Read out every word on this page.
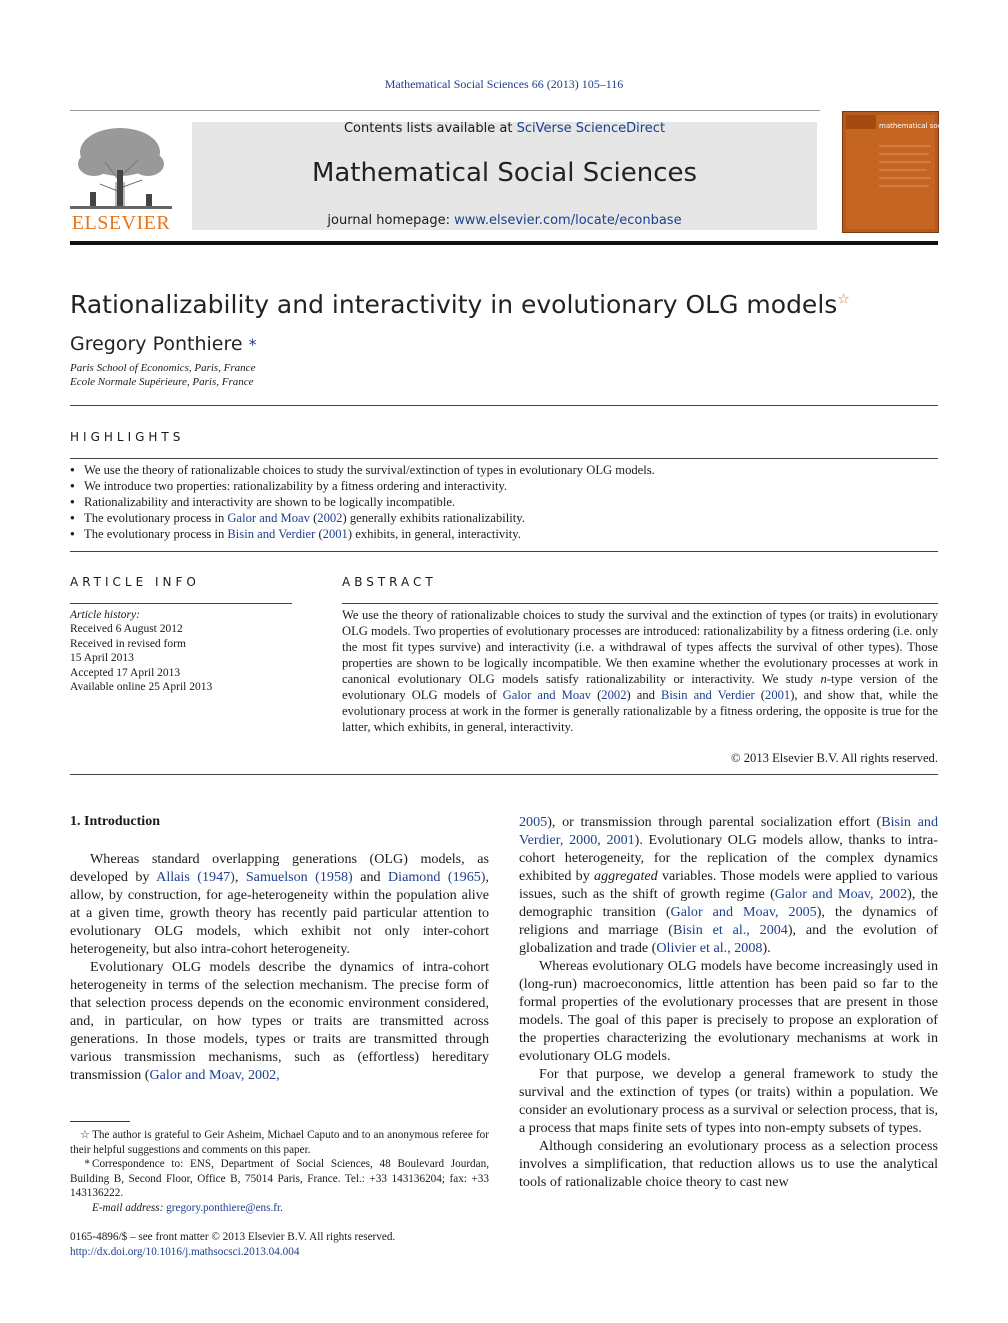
Mathematical Social Sciences 66 (2013) 105–116
ELSEVIER
Contents lists available at SciVerse ScienceDirect
Mathematical Social Sciences
journal homepage: www.elsevier.com/locate/econbase
mathematical social sciences
Rationalizability and interactivity in evolutionary OLG models☆
Gregory Ponthiere *
Paris School of Economics, Paris, France
Ecole Normale Supérieure, Paris, France
HIGHLIGHTS
● We use the theory of rationalizable choices to study the survival/extinction of types in evolutionary OLG models.
● We introduce two properties: rationalizability by a fitness ordering and interactivity.
● Rationalizability and interactivity are shown to be logically incompatible.
● The evolutionary process in Galor and Moav (2002) generally exhibits rationalizability.
● The evolutionary process in Bisin and Verdier (2001) exhibits, in general, interactivity.
ARTICLE INFO
Article history:
Received 6 August 2012
Received in revised form
15 April 2013
Accepted 17 April 2013
Available online 25 April 2013
ABSTRACT
We use the theory of rationalizable choices to study the survival and the extinction of types (or traits) in evolutionary OLG models. Two properties of evolutionary processes are introduced: rationalizability by a fitness ordering (i.e. only the most fit types survive) and interactivity (i.e. a withdrawal of types affects the survival of other types). Those properties are shown to be logically incompatible. We then examine whether the evolutionary processes at work in canonical evolutionary OLG models satisfy rationalizability or interactivity. We study n-type version of the evolutionary OLG models of Galor and Moav (2002) and Bisin and Verdier (2001), and show that, while the evolutionary process at work in the former is generally rationalizable by a fitness ordering, the opposite is true for the latter, which exhibits, in general, interactivity.
© 2013 Elsevier B.V. All rights reserved.
1. Introduction

Whereas standard overlapping generations (OLG) models, as developed by Allais (1947), Samuelson (1958) and Diamond (1965), allow, by construction, for age-heterogeneity within the population alive at a given time, growth theory has recently paid particular attention to evolutionary OLG models, which exhibit not only inter-cohort heterogeneity, but also intra-cohort heterogeneity.

Evolutionary OLG models describe the dynamics of intra-cohort heterogeneity in terms of the selection mechanism. The precise form of that selection process depends on the economic environment considered, and, in particular, on how types or traits are transmitted across generations. In those models, types or traits are transmitted through various transmission mechanisms, such as (effortless) hereditary transmission (Galor and Moav, 2002,

2005), or transmission through parental socialization effort (Bisin and Verdier, 2000, 2001). Evolutionary OLG models allow, thanks to intra-cohort heterogeneity, for the replication of the complex dynamics exhibited by aggregated variables. Those models were applied to various issues, such as the shift of growth regime (Galor and Moav, 2002), the demographic transition (Galor and Moav, 2005), the dynamics of religions and marriage (Bisin et al., 2004), and the evolution of globalization and trade (Olivier et al., 2008).

Whereas evolutionary OLG models have become increasingly used in (long-run) macroeconomics, little attention has been paid so far to the formal properties of the evolutionary processes that are present in those models. The goal of this paper is precisely to propose an exploration of the properties characterizing the evolutionary mechanisms at work in evolutionary OLG models.

For that purpose, we develop a general framework to study the survival and the extinction of types (or traits) within a population. We consider an evolutionary process as a survival or selection process, that is, a process that maps finite sets of types into non-empty subsets of types.

Although considering an evolutionary process as a selection process involves a simplification, that reduction allows us to use the analytical tools of rationalizable choice theory to cast new

☆ The author is grateful to Geir Asheim, Michael Caputo and to an anonymous referee for their helpful suggestions and comments on this paper.

* Correspondence to: ENS, Department of Social Sciences, 48 Boulevard Jourdan, Building B, Second Floor, Office B, 75014 Paris, France. Tel.: +33 143136204; fax: +33 143136222.

E-mail address: gregory.ponthiere@ens.fr.

0165-4896/$ – see front matter © 2013 Elsevier B.V. All rights reserved.
http://dx.doi.org/10.1016/j.mathsocsci.2013.04.004
